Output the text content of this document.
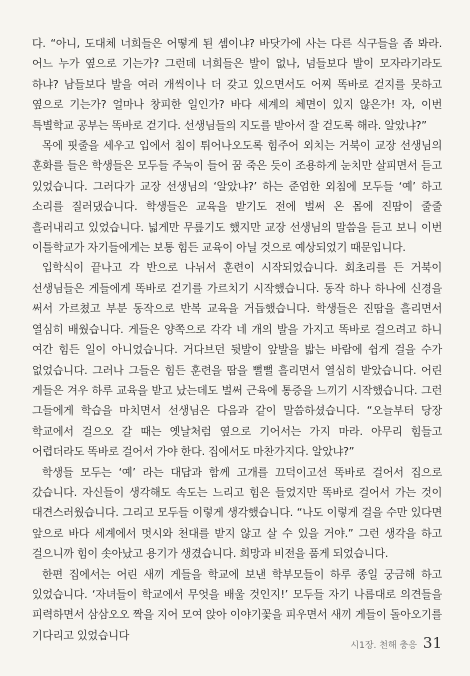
다. “아니, 도대체 너희들은 어떻게 된 셈이냐? 바닷가에 사는 다른 식구들을 좀 봐라. 어느 누가 옆으로 기는가? 그런데 너희들은 발이 없나, 넘들보다 발이 모자라기라도 하냐? 남들보다 발을 여러 개씩이나 더 갖고 있으면서도 어찌 똑바로 걷지를 못하고 옆으로 기는가? 얼마나 창피한 일인가? 바다 세계의 체면이 있지 않은가! 자, 이번 특별학교 공부는 똑바로 걷기다. 선생님들의 지도를 받아서 잘 걷도록 해라. 알았냐?”

목에 핏줄을 세우고 입에서 침이 튀어나오도록 힘주어 외치는 거북이 교장 선생님의 훈화를 들은 학생들은 모두들 주눅이 들어 꿈 죽은 듯이 조용하게 눈치만 살피면서 듣고 있었습니다. 그러다가 교장 선생님의 ‘알았냐?’ 하는 준엄한 외침에 모두들 ‘예’ 하고 소리를 질러댔습니다. 학생들은 교육을 받기도 전에 벌써 온 몸에 진땀이 줄줄 흘러내리고 있었습니다. 넓게만 무릎기도 했지만 교장 선생님의 말씀을 듣고 보니 이번 이틀학교가 자기들에게는 보통 힘든 교육이 아닐 것으로 예상되었기 때문입니다.

입학식이 끝나고 각 반으로 나뉘서 훈련이 시작되었습니다. 회초리를 든 거북이 선생님들은 게들에게 똑바로 걷기를 가르치기 시작했습니다. 동작 하나 하나에 신경을 써서 가르쳤고 부분 동작으로 반복 교육을 거듭했습니다. 학생들은 진땀을 흘리면서 열심히 배웠습니다. 게들은 양쪽으로 각각 네 개의 발을 가지고 똑바로 걸으려고 하니 여간 힘든 일이 아니었습니다. 거다브던 뒷발이 앞발을 밟는 바람에 쉽게 걸을 수가 없었습니다. 그러나 그들은 힘든 훈련을 땀을 뻘뻘 흘리면서 열심히 받았습니다. 어린 게들은 겨우 하루 교육을 받고 났는데도 벌써 근육에 통증을 느끼기 시작했습니다. 그런 그들에게 학습을 마치면서 선생님은 다음과 같이 말씀하셨습니다. “오늘부터 당장 학교에서 걸으오 갈 때는 옛날처럼 옆으로 기어서는 가지 마라. 아무리 힘들고 어렵더라도 똑바로 걸어서 가야 한다. 집에서도 마찬가지다. 알았냐?”

학생들 모두는 ‘예’ 라는 대답과 함께 고개를 끄덕이고선 똑바로 걸어서 집으로 갔습니다. 자신들이 생각해도 속도는 느리고 힘은 들었지만 똑바로 걸어서 가는 것이 대견스러웠습니다. 그리고 모두들 이렇게 생각했습니다. “나도 이렇게 걸을 수만 있다면 앞으로 바다 세계에서 멋시와 천대를 받지 않고 살 수 있을 거야.” 그런 생각을 하고 걸으니까 힘이 솟아났고 용기가 생겼습니다. 희망과 비전을 품게 되었습니다.

한편 집에서는 어린 새끼 게들을 학교에 보낸 학부모들이 하루 종일 궁금해 하고 있었습니다. ‘자녀들이 학교에서 무엇을 배울 것인지!’ 모두들 자기 나름대로 의견들을 피력하면서 삼삼오오 짝을 지어 모여 앉아 이야기꽃을 피우면서 새끼 게들이 돌아오기를 기다리고 있었습니다

시1장. 천해 충응 31
